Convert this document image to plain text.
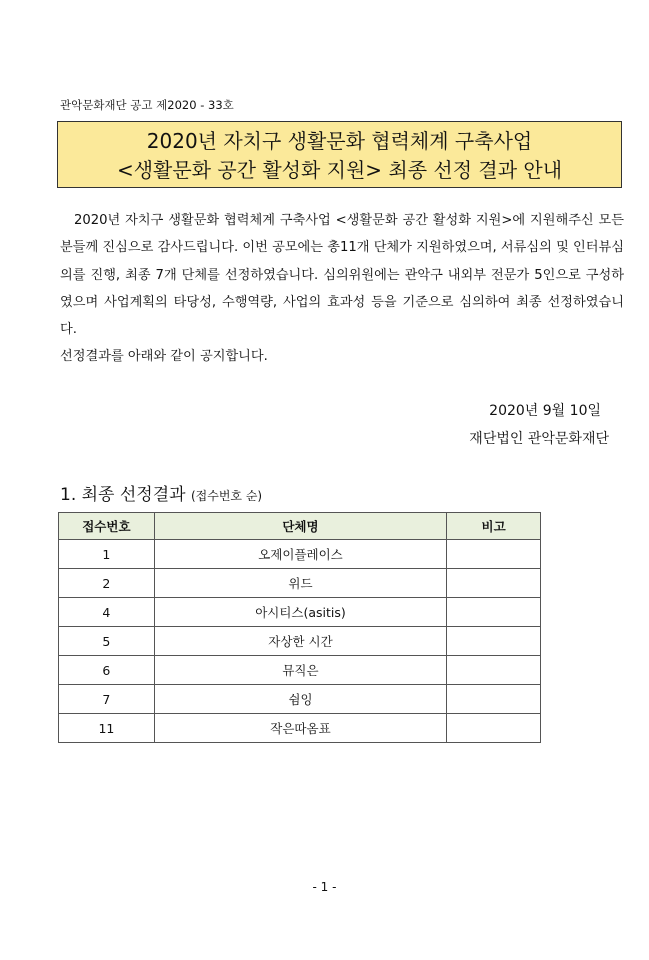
관악문화재단 공고 제2020 - 33호
2020년 자치구 생활문화 협력체계 구축사업
<생활문화 공간 활성화 지원> 최종 선정 결과 안내

2020년 자치구 생활문화 협력체계 구축사업 <생활문화 공간 활성화 지원>에 지원해주신 모든 분들께 진심으로 감사드립니다. 이번 공모에는 총11개 단체가 지원하였으며, 서류심의 및 인터뷰심의를 진행, 최종 7개 단체를 선정하였습니다. 심의위원에는 관악구 내외부 전문가 5인으로 구성하였으며 사업계획의 타당성, 수행역량, 사업의 효과성 등을 기준으로 심의하여 최종 선정하였습니다.

선정결과를 아래와 같이 공지합니다.

2020년 9월 10일
재단법인 관악문화재단
1. 최종 선정결과 (접수번호 순)
접수번호	단체명	비고
1	오제이플레이스	
2	위드	
4	아시티스(asitis)	
5	자상한 시간	
6	뮤직은	
7	쉼잉	
11	작은따옴표	
- 1 -
